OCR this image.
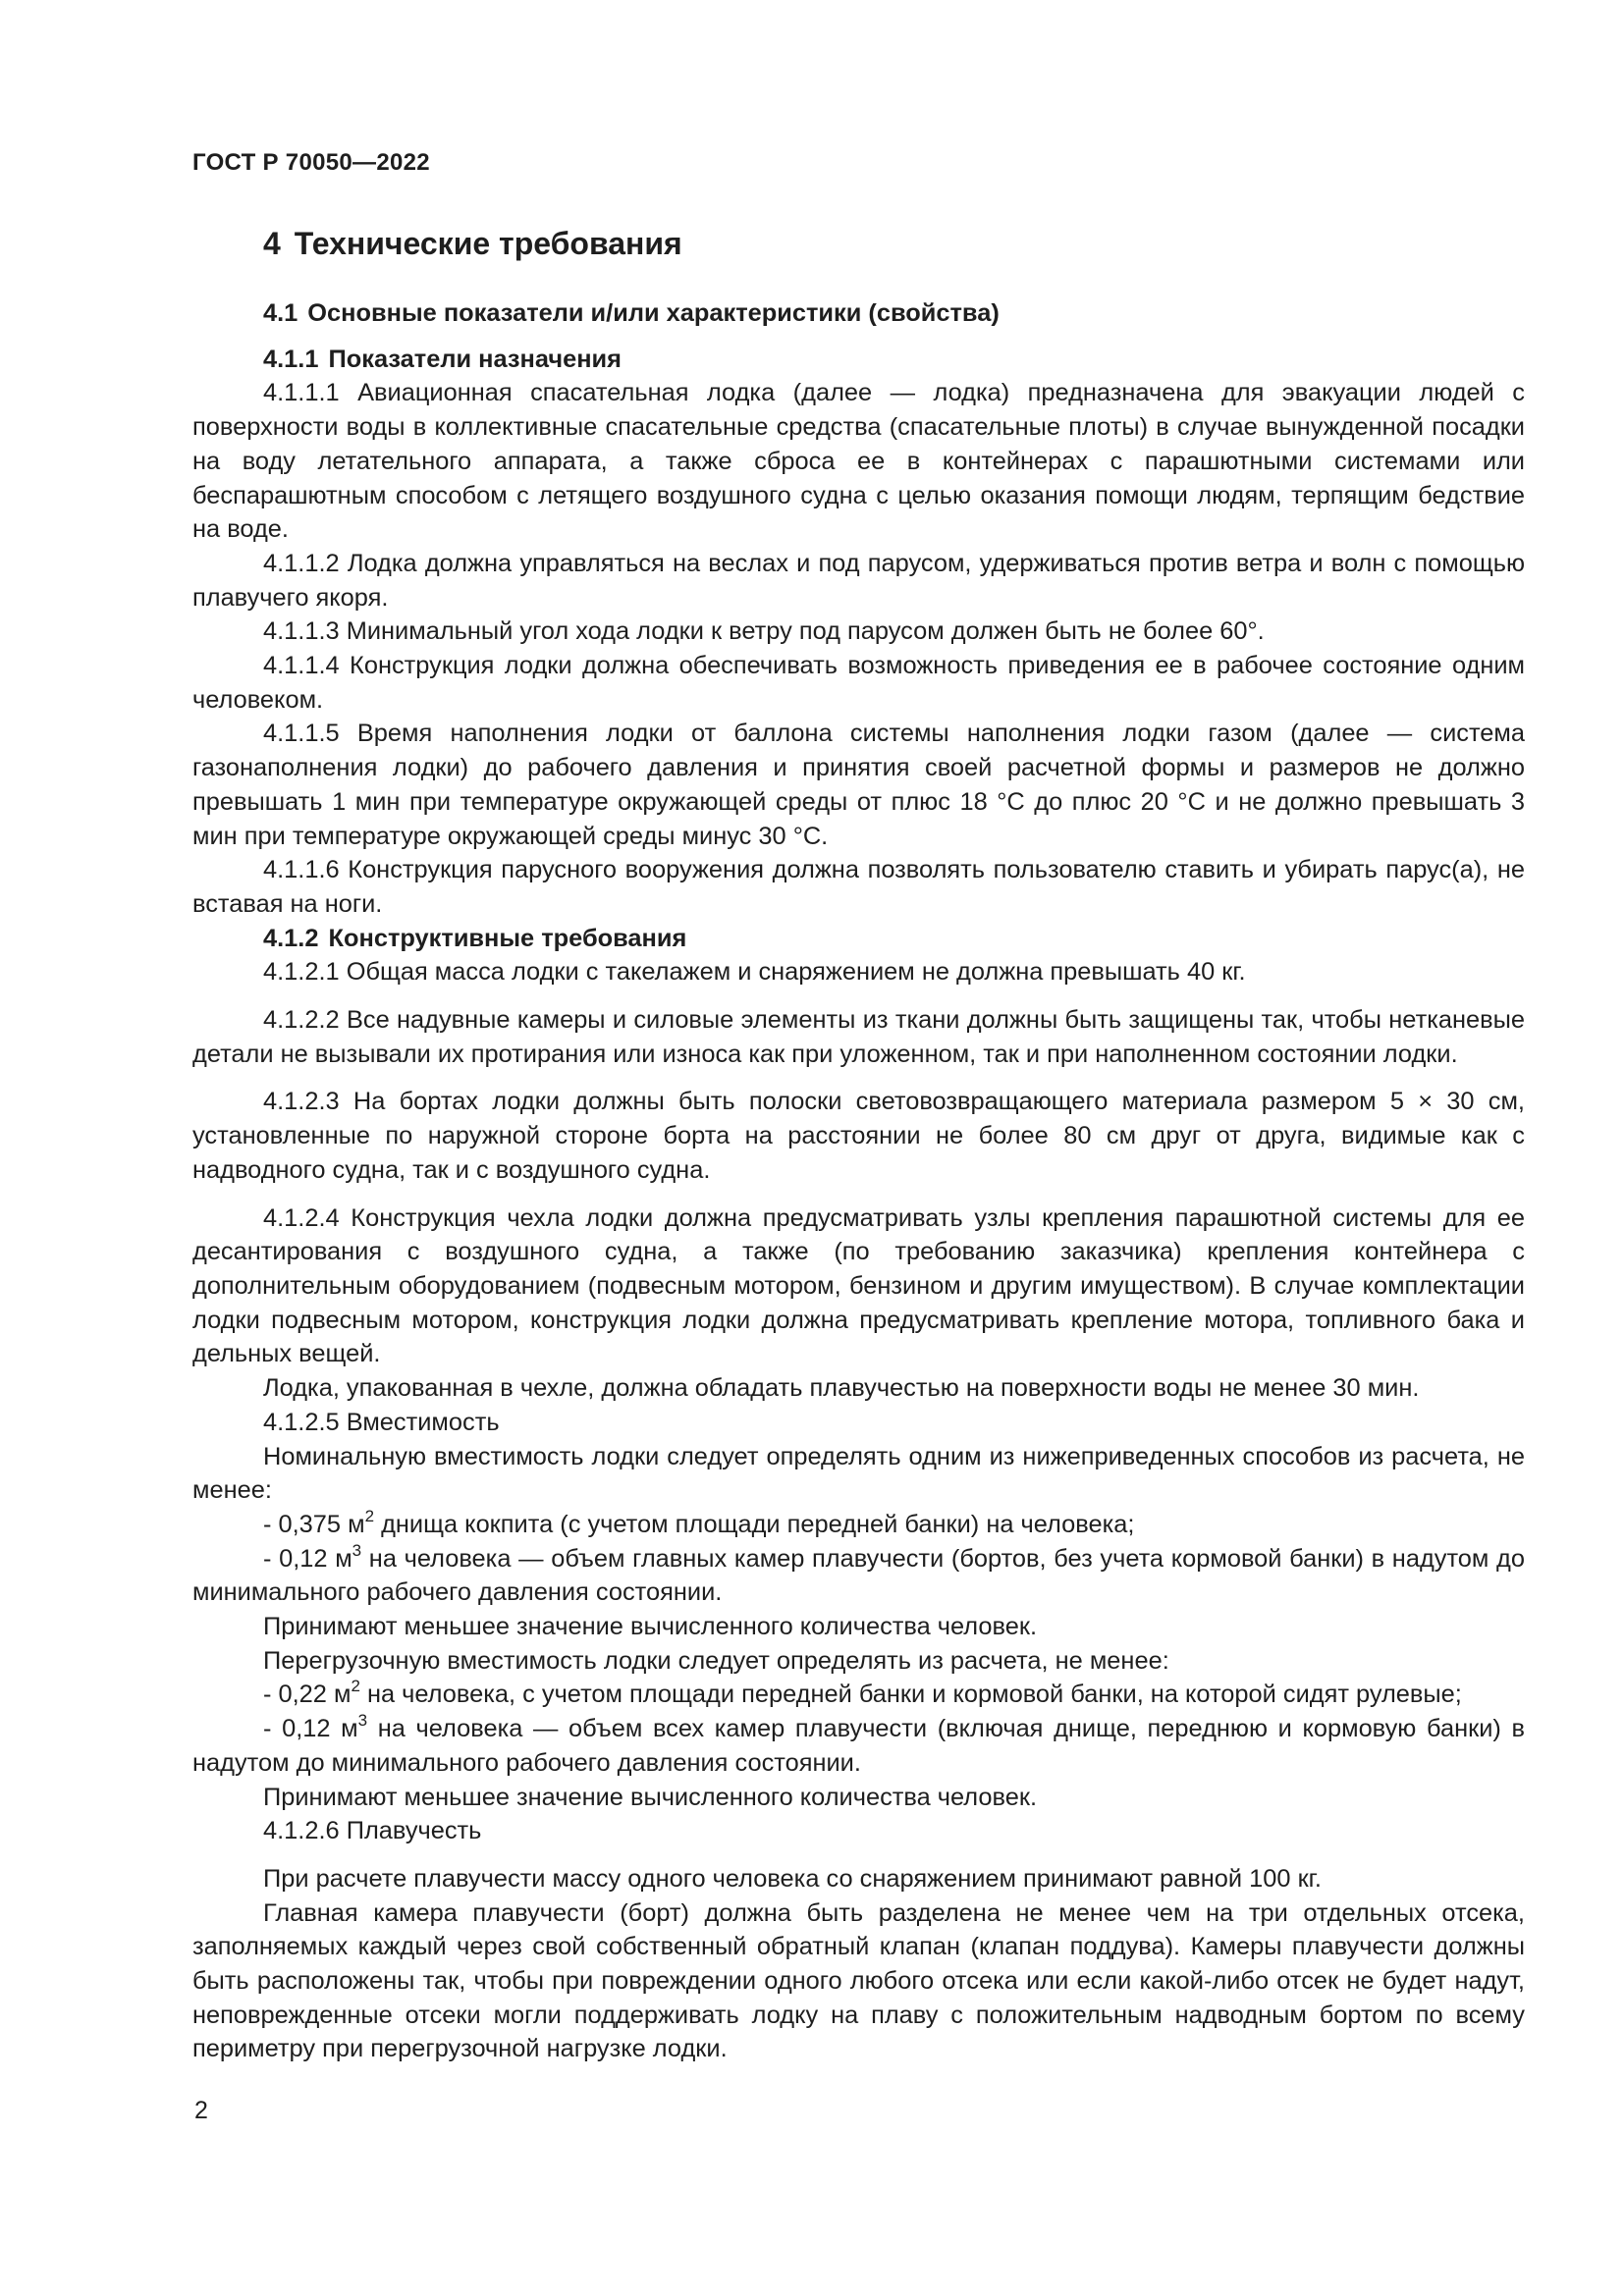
ГОСТ Р 70050—2022
4 Технические требования

4.1 Основные показатели и/или характеристики (свойства)

4.1.1 Показатели назначения

4.1.1.1 Авиационная спасательная лодка (далее — лодка) предназначена для эвакуации людей с поверхности воды в коллективные спасательные средства (спасательные плоты) в случае вынужденной посадки на воду летательного аппарата, а также сброса ее в контейнерах с парашютными системами или беспарашютным способом с летящего воздушного судна с целью оказания помощи людям, терпящим бедствие на воде.

4.1.1.2 Лодка должна управляться на веслах и под парусом, удерживаться против ветра и волн с помощью плавучего якоря.

4.1.1.3 Минимальный угол хода лодки к ветру под парусом должен быть не более 60°.

4.1.1.4 Конструкция лодки должна обеспечивать возможность приведения ее в рабочее состояние одним человеком.

4.1.1.5 Время наполнения лодки от баллона системы наполнения лодки газом (далее — система газонаполнения лодки) до рабочего давления и принятия своей расчетной формы и размеров не должно превышать 1 мин при температуре окружающей среды от плюс 18 °С до плюс 20 °С и не должно превышать 3 мин при температуре окружающей среды минус 30 °С.

4.1.1.6 Конструкция парусного вооружения должна позволять пользователю ставить и убирать парус(а), не вставая на ноги.

4.1.2 Конструктивные требования

4.1.2.1 Общая масса лодки с такелажем и снаряжением не должна превышать 40 кг.

4.1.2.2 Все надувные камеры и силовые элементы из ткани должны быть защищены так, чтобы нетканевые детали не вызывали их протирания или износа как при уложенном, так и при наполненном состоянии лодки.

4.1.2.3 На бортах лодки должны быть полоски световозвращающего материала размером 5 × 30 см, установленные по наружной стороне борта на расстоянии не более 80 см друг от друга, видимые как с надводного судна, так и с воздушного судна.

4.1.2.4 Конструкция чехла лодки должна предусматривать узлы крепления парашютной системы для ее десантирования с воздушного судна, а также (по требованию заказчика) крепления контейнера с дополнительным оборудованием (подвесным мотором, бензином и другим имуществом). В случае комплектации лодки подвесным мотором, конструкция лодки должна предусматривать крепление мотора, топливного бака и дельных вещей.

Лодка, упакованная в чехле, должна обладать плавучестью на поверхности воды не менее 30 мин.

4.1.2.5 Вместимость

Номинальную вместимость лодки следует определять одним из нижеприведенных способов из расчета, не менее:

- 0,375 $м^2$ днища кокпита (с учетом площади передней банки) на человека;

- 0,12 $м^3$ на человека — объем главных камер плавучести (бортов, без учета кормовой банки) в надутом до минимального рабочего давления состоянии.

Принимают меньшее значение вычисленного количества человек.

Перегрузочную вместимость лодки следует определять из расчета, не менее:

- 0,22 $м^2$ на человека, с учетом площади передней банки и кормовой банки, на которой сидят рулевые;

- 0,12 $м^3$ на человека — объем всех камер плавучести (включая днище, переднюю и кормовую банки) в надутом до минимального рабочего давления состоянии.

Принимают меньшее значение вычисленного количества человек.

4.1.2.6 Плавучесть

При расчете плавучести массу одного человека со снаряжением принимают равной 100 кг.

Главная камера плавучести (борт) должна быть разделена не менее чем на три отдельных отсека, заполняемых каждый через свой собственный обратный клапан (клапан поддува). Камеры плавучести должны быть расположены так, чтобы при повреждении одного любого отсека или если какой-либо отсек не будет надут, неповрежденные отсеки могли поддерживать лодку на плаву с положительным надводным бортом по всему периметру при перегрузочной нагрузке лодки.

2
